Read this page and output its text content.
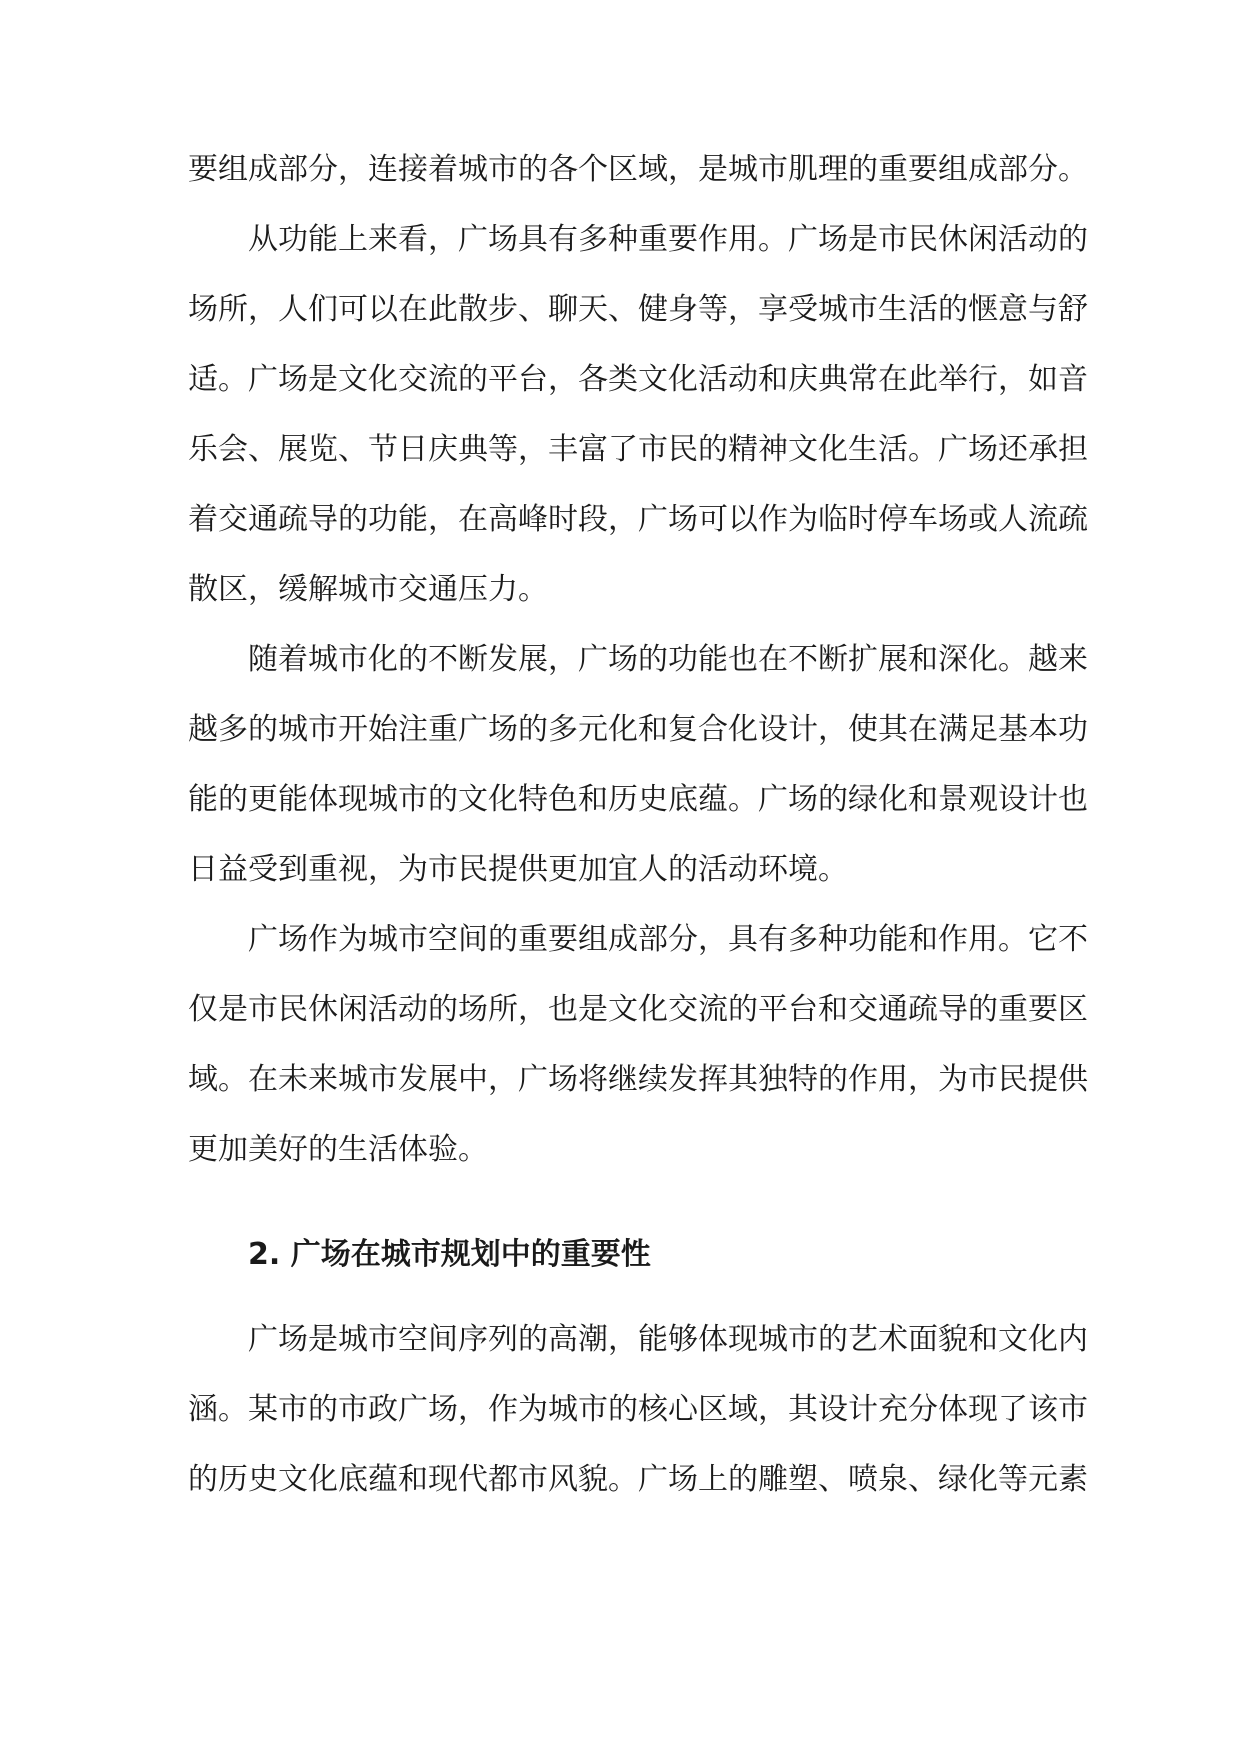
要组成部分，连接着城市的各个区域，是城市肌理的重要组成部分。
从功能上来看，广场具有多种重要作用。广场是市民休闲活动的
场所，人们可以在此散步、聊天、健身等，享受城市生活的惬意与舒
适。广场是文化交流的平台，各类文化活动和庆典常在此举行，如音
乐会、展览、节日庆典等，丰富了市民的精神文化生活。广场还承担
着交通疏导的功能，在高峰时段，广场可以作为临时停车场或人流疏
散区，缓解城市交通压力。
随着城市化的不断发展，广场的功能也在不断扩展和深化。越来
越多的城市开始注重广场的多元化和复合化设计，使其在满足基本功
能的更能体现城市的文化特色和历史底蕴。广场的绿化和景观设计也
日益受到重视，为市民提供更加宜人的活动环境。
广场作为城市空间的重要组成部分，具有多种功能和作用。它不
仅是市民休闲活动的场所，也是文化交流的平台和交通疏导的重要区
域。在未来城市发展中，广场将继续发挥其独特的作用，为市民提供
更加美好的生活体验。
2. 广场在城市规划中的重要性
广场是城市空间序列的高潮，能够体现城市的艺术面貌和文化内
涵。某市的市政广场，作为城市的核心区域，其设计充分体现了该市
的历史文化底蕴和现代都市风貌。广场上的雕塑、喷泉、绿化等元素
